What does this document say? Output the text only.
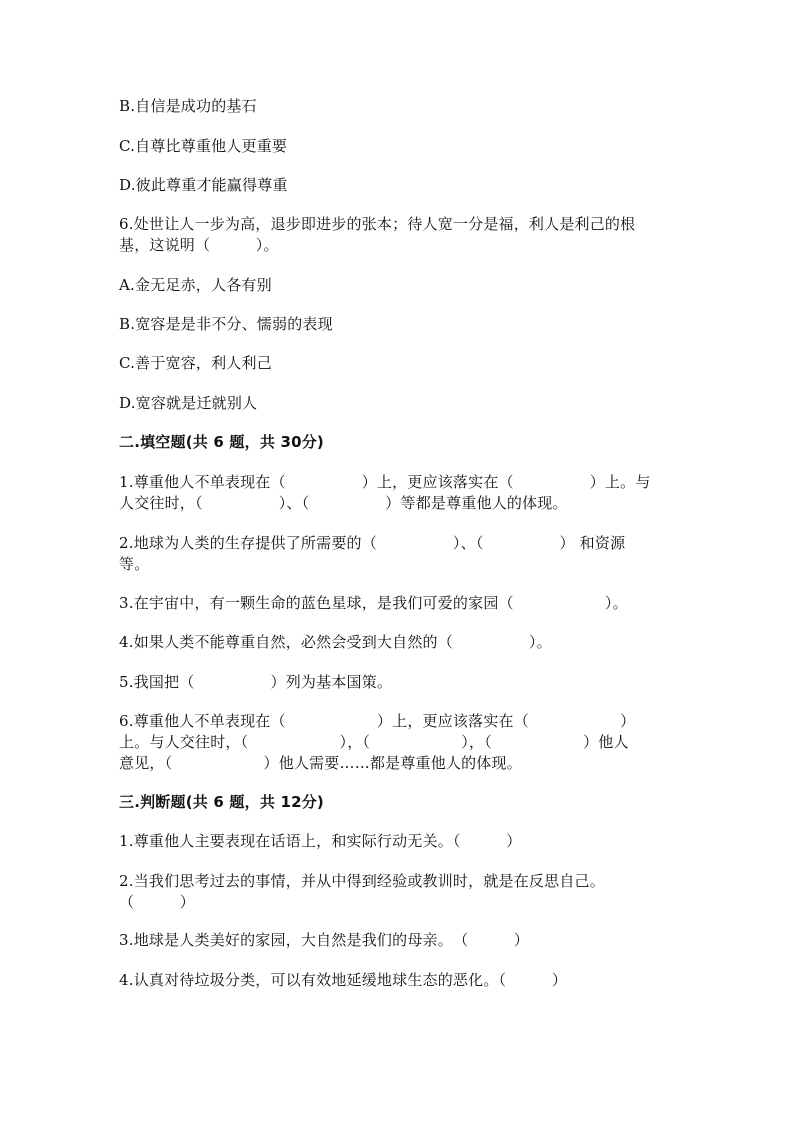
B.自信是成功的基石
C.自尊比尊重他人更重要
D.彼此尊重才能赢得尊重
6.处世让人一步为高，退步即进步的张本；待人宽一分是福，利人是利己的根
基，这说明（　　　）。
A.金无足赤，人各有别
B.宽容是是非不分、懦弱的表现
C.善于宽容，利人利己
D.宽容就是迁就别人
二.填空题(共 6 题，共 30分)
1.尊重他人不单表现在（　　　　　）上，更应该落实在（　　　　　）上。与
人交往时，（　　　　　）、（　　　　　）等都是尊重他人的体现。
2.地球为人类的生存提供了所需要的（　　　　　）、（　　　　　） 和资源
等。
3.在宇宙中，有一颗生命的蓝色星球，是我们可爱的家园（　　　　　　）。
4.如果人类不能尊重自然，必然会受到大自然的（　　　　　）。
5.我国把（　　　　　）列为基本国策。
6.尊重他人不单表现在（　　　　　　）上，更应该落实在（　　　　　　）
上。与人交往时，（　　　　　　），（　　　　　　），（　　　　　　）他人
意见，（　　　　　　）他人需要……都是尊重他人的体现。
三.判断题(共 6 题，共 12分)
1.尊重他人主要表现在话语上，和实际行动无关。（　　　）
2.当我们思考过去的事情，并从中得到经验或教训时，就是在反思自己。
（　　　）
3.地球是人类美好的家园，大自然是我们的母亲。　（　　　）
4.认真对待垃圾分类，可以有效地延缓地球生态的恶化。（　　　）
